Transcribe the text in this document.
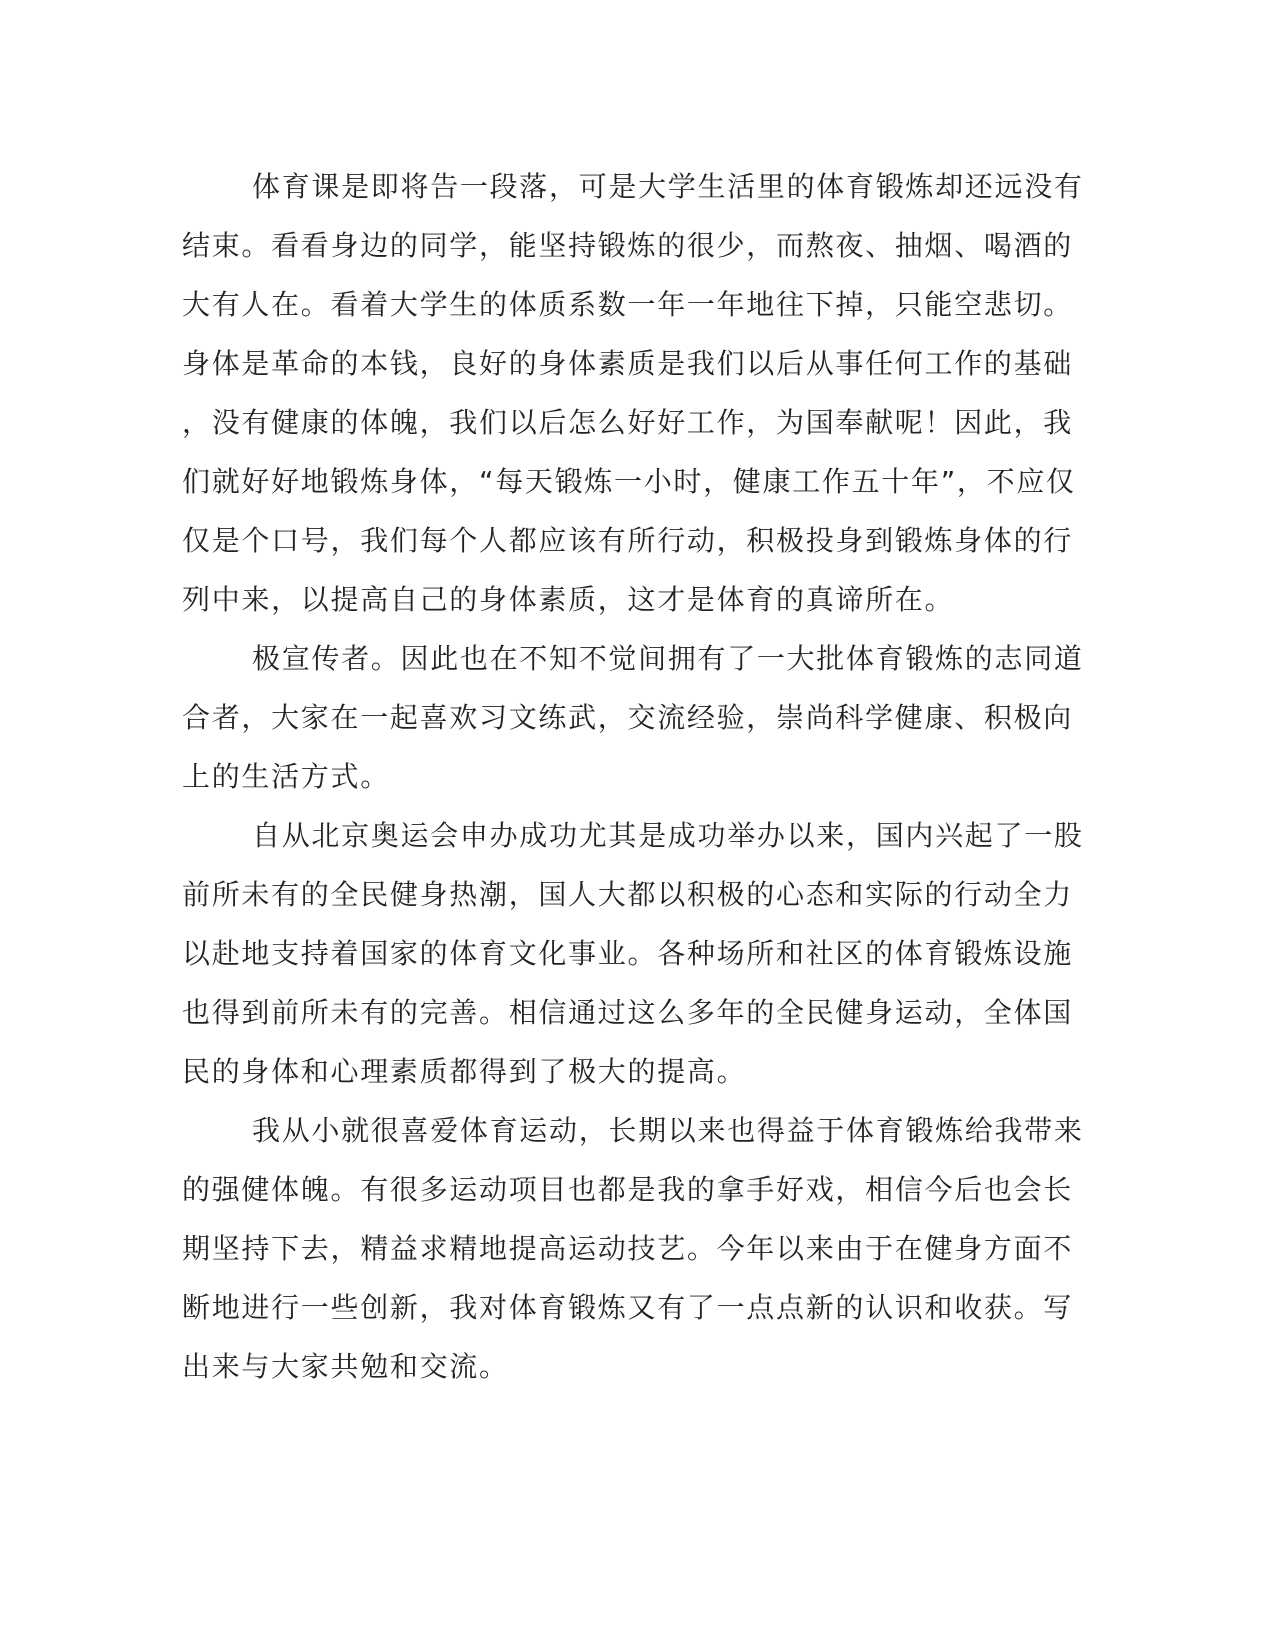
体育课是即将告一段落，可是大学生活里的体育锻炼却还远没有
结束。看看身边的同学，能坚持锻炼的很少，而熬夜、抽烟、喝酒的
大有人在。看着大学生的体质系数一年一年地往下掉，只能空悲切。
身体是革命的本钱，良好的身体素质是我们以后从事任何工作的基础
，没有健康的体魄，我们以后怎么好好工作，为国奉献呢！因此，我
们就好好地锻炼身体，“每天锻炼一小时，健康工作五十年”，不应仅
仅是个口号，我们每个人都应该有所行动，积极投身到锻炼身体的行
列中来，以提高自己的身体素质，这才是体育的真谛所在。
极宣传者。因此也在不知不觉间拥有了一大批体育锻炼的志同道
合者，大家在一起喜欢习文练武，交流经验，崇尚科学健康、积极向
上的生活方式。
自从北京奥运会申办成功尤其是成功举办以来，国内兴起了一股
前所未有的全民健身热潮，国人大都以积极的心态和实际的行动全力
以赴地支持着国家的体育文化事业。各种场所和社区的体育锻炼设施
也得到前所未有的完善。相信通过这么多年的全民健身运动，全体国
民的身体和心理素质都得到了极大的提高。
我从小就很喜爱体育运动，长期以来也得益于体育锻炼给我带来
的强健体魄。有很多运动项目也都是我的拿手好戏，相信今后也会长
期坚持下去，精益求精地提高运动技艺。今年以来由于在健身方面不
断地进行一些创新，我对体育锻炼又有了一点点新的认识和收获。写
出来与大家共勉和交流。
